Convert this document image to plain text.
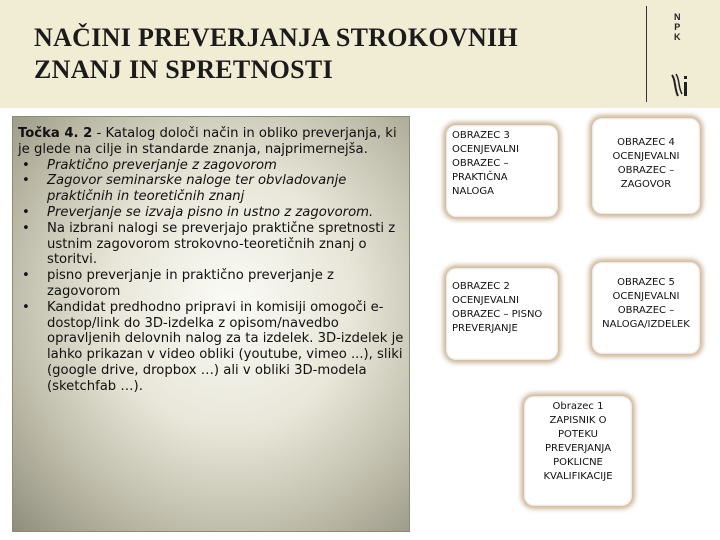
NAČINI PREVERJANJA STROKOVNIH
ZNANJ IN SPRETNOSTI
N
P
K
Točka 4. 2 - Katalog določi način in obliko preverjanja, ki je glede na cilje in standarde znanja, najprimernejša.
• Praktično preverjanje z zagovorom
• Zagovor seminarske naloge ter obvladovanje praktičnih in teoretičnih znanj
• Preverjanje se izvaja pisno in ustno z zagovorom.
• Na izbrani nalogi se preverjajo praktične spretnosti z ustnim zagovorom strokovno-teoretičnih znanj o storitvi.
• pisno preverjanje in praktično preverjanje z zagovorom
• Kandidat predhodno pripravi in komisiji omogoči e-dostop/link do 3D-izdelka z opisom/navedbo opravljenih delovnih nalog za ta izdelek. 3D-izdelek je lahko prikazan v video obliki (youtube, vimeo ...), sliki (google drive, dropbox …) ali v obliki 3D-modela (sketchfab …).
OBRAZEC 3 OCENJEVALNI OBRAZEC – PRAKTIČNA NALOGA
OBRAZEC 4 OCENJEVALNI OBRAZEC – ZAGOVOR
OBRAZEC 2 OCENJEVALNI OBRAZEC – PISNO PREVERJANJE
OBRAZEC 5 OCENJEVALNI OBRAZEC – NALOGA/IZDELEK
Obrazec 1 ZAPISNIK O POTEKU PREVERJANJA POKLICNE KVALIFIKACIJE
